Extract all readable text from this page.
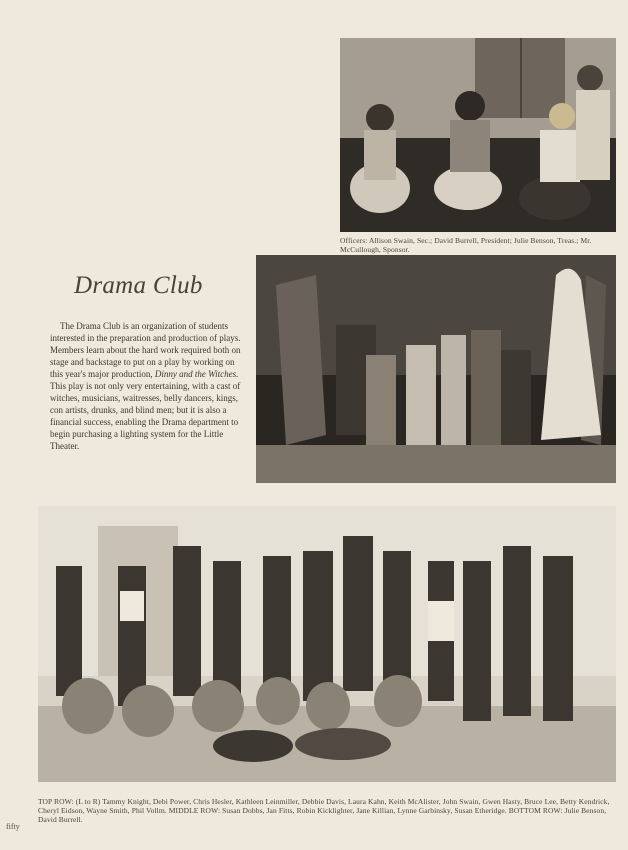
Officers: Allison Swain, Sec.; David Burrell, President; Julie Benson, Treas.; Mr. McCullough, Sponsor.
Drama Club
The Drama Club is an organization of students interested in the preparation and production of plays. Members learn about the hard work required both on stage and backstage to put on a play by working on this year's major production, Dinny and the Witches. This play is not only very entertaining, with a cast of witches, musicians, waitresses, belly dancers, kings, con artists, drunks, and blind men; but it is also a financial success, enabling the Drama department to begin purchasing a lighting system for the Little Theater.
TOP ROW: (L to R) Tammy Knight, Debi Power, Chris Hesler, Kathleen Leinmiller, Debbie Davis, Laura Kahn, Keith McAlister, John Swain, Gwen Hasty, Bruce Lee, Betty Kendrick, Cheryl Eidson, Wayne Smith, Phil Vollm. MIDDLE ROW: Susan Dobbs, Jan Fitts, Robin Kicklighter, Jane Killian, Lynne Garbinsky, Susan Etheridge. BOTTOM ROW: Julie Benson, David Burrell.
fifty
